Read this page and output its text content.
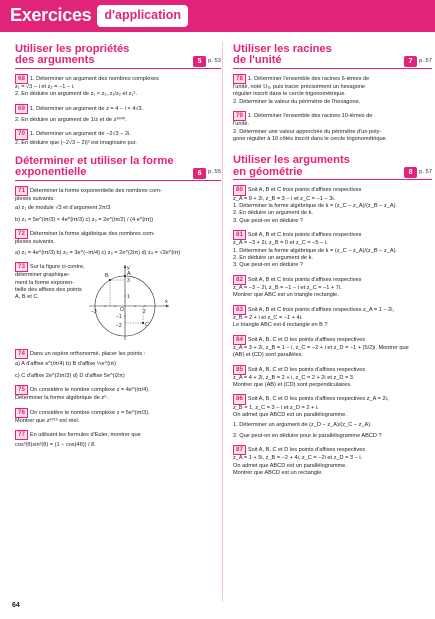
Exercices	d'application
Utiliser les propriétés
des arguments	5	p. 53
68 1. Déterminer un argument des nombres complexes
z₁ = √3 − i et z₂ = −1 − i.
2. En déduire un argument de z₁ × z₂, z₁/z₂ et z₁⁵.
69 1. Déterminer un argument de z = 4 − i × 4√3.
2. En déduire un argument de 1/z et de z¹⁰⁰⁰.
70 1. Déterminer un argument de −2√3 − 2i.
2. En déduire que (−2√3 − 2i)³ est imaginaire pur.
Déterminer et utiliser la forme
exponentielle	6	p. 55
71 Déterminer la forme exponentielle des nombres com-
plexes suivants.
a) z₁ de module √3 et d'argument 2π/3
b) z₂ = 5e^(iπ/3) × 4e^(iπ/3) c) z₃ = 2e^(iπ/2) / (4 e^(iπ))
72 Déterminer la forme algébrique des nombres com-
plexes suivants.
a) z₁ = 4e^(iπ/3) b) z₂ = 3e^(−iπ/4) c) z₃ = 2e^(2iπ) d) z₄ = √2e^(iπ)
73 Sur la figure ci-contre,
déterminer graphique-
ment la forme exponen-
tielle des affixes des points
A, B et C.
y
x
A
B
C
O
3
1
−1
−2
−3	2
74 Dans un repère orthonormé, placer les points :
a) A d'affixe e^(iπ/4) b) B d'affixe ½e^(iπ)
c) C d'affixe 2e^(2iπ/3) d) D d'affixe 5e^(i2π)
75 On considère le nombre complexe z = 4e^(iπ/4).
Déterminer la forme algébrique de z⁶.
76 On considère le nombre complexe z = 5e^(iπ/3).
Montrer que z²⁰¹⁹ est réel.
77 En utilisant les formules d'Euler, montrer que
cos²(θ)sin²(θ) = (1 − cos(4θ)) / 8.
Utiliser les racines
de l'unité	7	p. 57
78 1. Déterminer l'ensemble des racines 6-ièmes de
l'unité, noté 𝕌₆, puis tracer précisément un hexagone
régulier inscrit dans le cercle trigonométrique.
2. Déterminer la valeur du périmètre de l'hexagone.
79 1. Déterminer l'ensemble des racines 10-ièmes de
l'unité.
2. Déterminer une valeur approchée du périmètre d'un poly-
gone régulier à 10 côtés inscrit dans le cercle trigonométrique.
Utiliser les arguments
en géométrie	8	p. 57
80 Soit A, B et C trois points d'affixes respectives
z_A = 9 + 2i, z_B = 3 − i et z_C = −1 − 3i.
1. Déterminer la forme algébrique de k = (z_C − z_A)/(z_B − z_A).
2. En déduire un argument de k.
3. Que peut-on en déduire ?
81 Soit A, B et C trois points d'affixes respectives
z_A = −3 + 2i, z_B = 0 et z_C = −5 − i.
1. Déterminer la forme algébrique de k = (z_C − z_A)/(z_B − z_A).
2. En déduire un argument de k.
3. Que peut-on en déduire ?
82 Soit A, B et C trois points d'affixes respectives
z_A = −3 − 2i, z_B = −1 − i et z_C = −1 + 7i.
Montrer que ABC est un triangle rectangle.
83 Soit A, B et C trois points d'affixes respectives z_A = 1 − 2i,
z_B = 2 + i et z_C = −1 + 4i.
Le triangle ABC est-il rectangle en B ?
84 Soit A, B, C et D les points d'affixes respectives
z_A = 3 + 2i, z_B = 1 − i, z_C = −2 + i et z_D = −1 + (5/2)i. Montrer que
(AB) et (CD) sont parallèles.
85 Soit A, B, C et D les points d'affixes respectives
z_A = 4 + 2i, z_B = 2 + i, z_C = 2 + 2i et z_D = 3.
Montrer que (AB) et (CD) sont perpendiculaires.
86 Soit A, B, C et D les points d'affixes respectives z_A = 2i,
z_B = 1, z_C = 3 − i et z_D = 2 + i.
On admet que ABCD est un parallélogramme.
1. Déterminer un argument de (z_D − z_A)/(z_C − z_A).
2. Que peut-on en déduire pour le parallélogramme ABCD ?
87 Soit A, B, C et D les points d'affixes respectives
z_A = 1 + 5i, z_B = −2 + 4i, z_C = −2i et z_D = 3 − i.
On admet que ABCD est un parallélogramme.
Montrer que ABCD est un rectangle.
64
